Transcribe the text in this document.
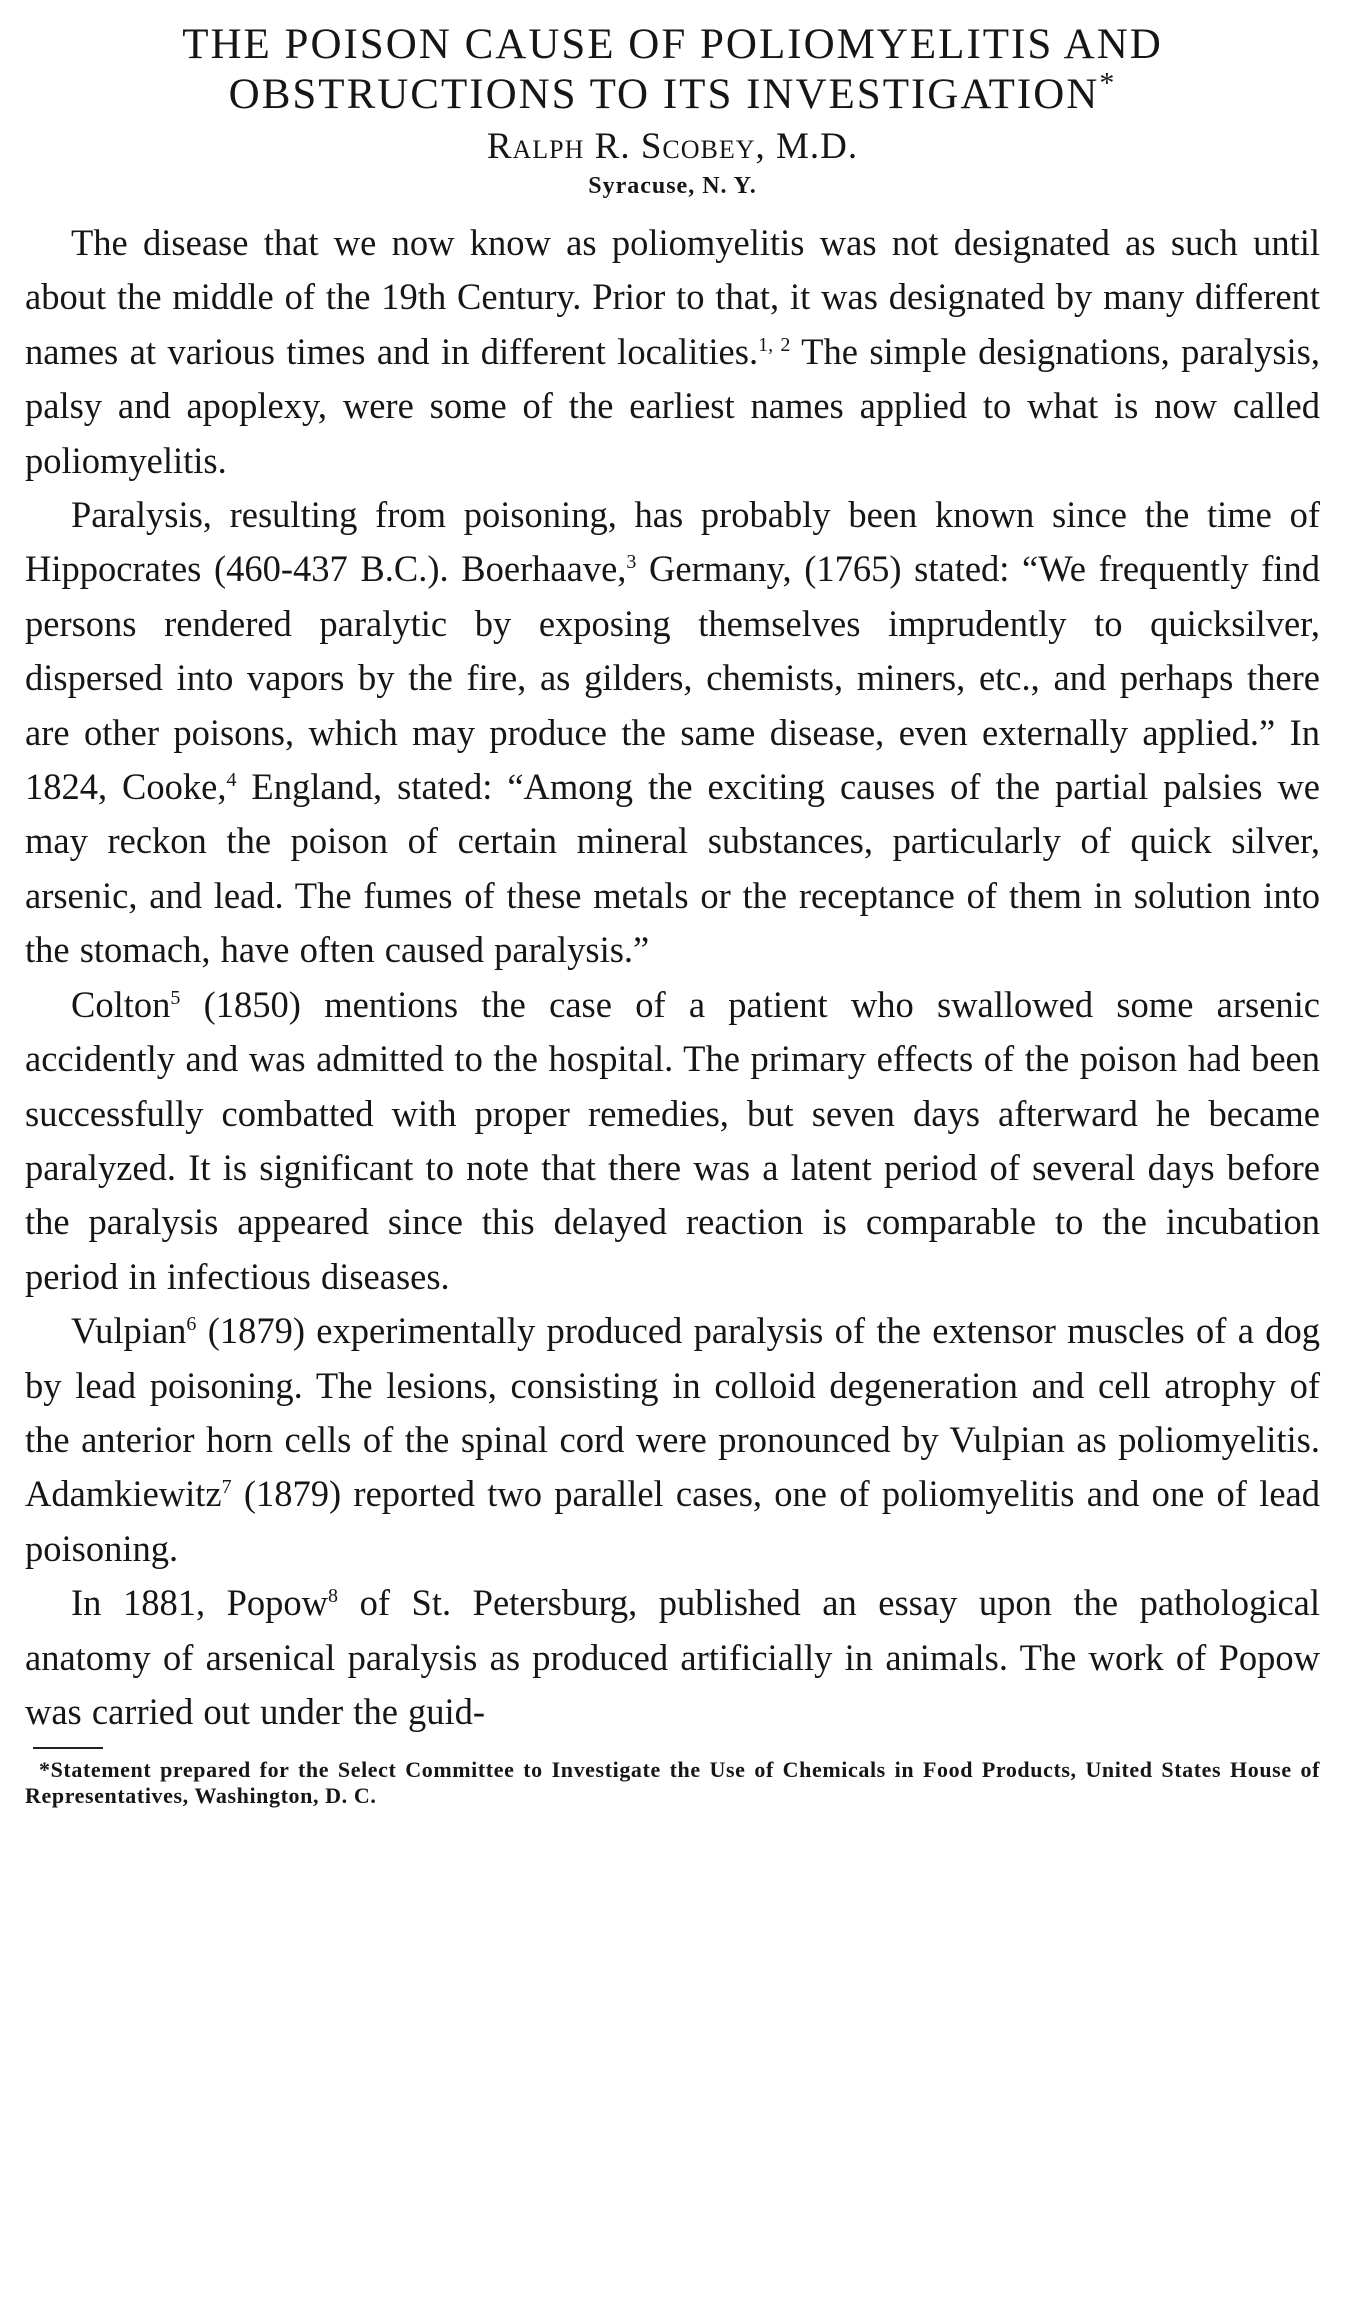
THE POISON CAUSE OF POLIOMYELITIS AND
OBSTRUCTIONS TO ITS INVESTIGATION*
Ralph R. Scobey, M.D.
Syracuse, N. Y.

The disease that we now know as poliomyelitis was not designated as such until about the middle of the 19th Century. Prior to that, it was designated by many different names at various times and in different localities.$^{1, 2}$ The simple designations, paralysis, palsy and apoplexy, were some of the earliest names applied to what is now called poliomyelitis.

Paralysis, resulting from poisoning, has probably been known since the time of Hippocrates (460-437 B.C.). Boerhaave,$^3$ Germany, (1765) stated: “We frequently find persons rendered paralytic by exposing themselves imprudently to quicksilver, dispersed into vapors by the fire, as gilders, chemists, miners, etc., and perhaps there are other poisons, which may produce the same disease, even externally applied.” In 1824, Cooke,$^4$ England, stated: “Among the exciting causes of the partial palsies we may reckon the poison of certain mineral substances, particularly of quick silver, arsenic, and lead. The fumes of these metals or the receptance of them in solution into the stomach, have often caused paralysis.”

Colton$^5$ (1850) mentions the case of a patient who swallowed some arsenic accidently and was admitted to the hospital. The primary effects of the poison had been successfully combatted with proper remedies, but seven days afterward he became paralyzed. It is significant to note that there was a latent period of several days before the paralysis appeared since this delayed reaction is comparable to the incubation period in infectious diseases.

Vulpian$^6$ (1879) experimentally produced paralysis of the extensor muscles of a dog by lead poisoning. The lesions, consisting in colloid degeneration and cell atrophy of the anterior horn cells of the spinal cord were pronounced by Vulpian as poliomyelitis. Adamkiewitz$^7$ (1879) reported two parallel cases, one of poliomyelitis and one of lead poisoning.

In 1881, Popow$^8$ of St. Petersburg, published an essay upon the pathological anatomy of arsenical paralysis as produced artificially in animals. The work of Popow was carried out under the guid-

*Statement prepared for the Select Committee to Investigate the Use of Chemicals in Food Products, United States House of Representatives, Washington, D. C.
